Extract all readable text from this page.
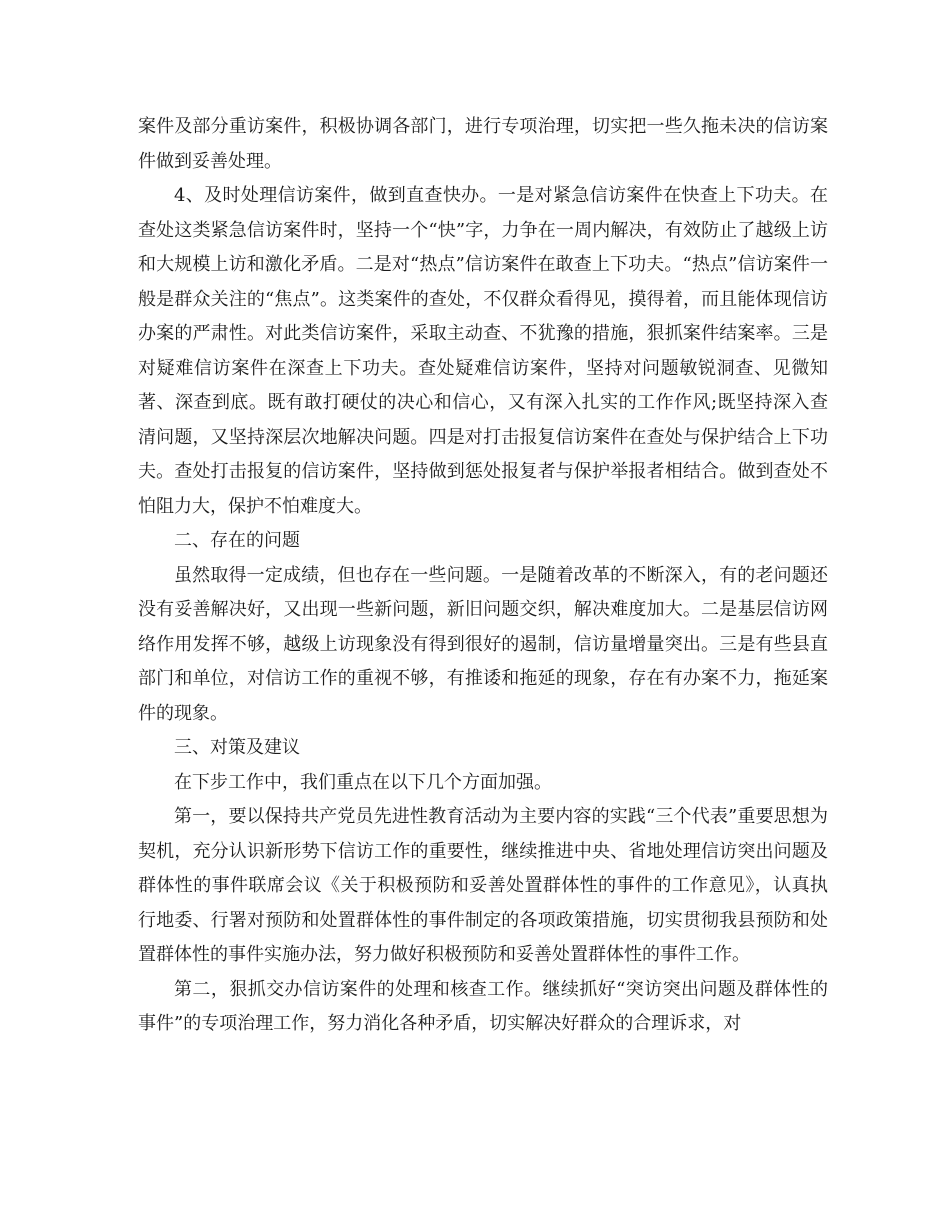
案件及部分重访案件，积极协调各部门，进行专项治理，切实把一些久拖未决的信访案件做到妥善处理。

4、及时处理信访案件，做到直查快办。一是对紧急信访案件在快查上下功夫。在查处这类紧急信访案件时，坚持一个“快”字，力争在一周内解决，有效防止了越级上访和大规模上访和激化矛盾。二是对“热点”信访案件在敢查上下功夫。“热点”信访案件一般是群众关注的“焦点”。这类案件的查处，不仅群众看得见，摸得着，而且能体现信访办案的严肃性。对此类信访案件，采取主动查、不犹豫的措施，狠抓案件结案率。三是对疑难信访案件在深查上下功夫。查处疑难信访案件，坚持对问题敏锐洞查、见微知著、深查到底。既有敢打硬仗的决心和信心，又有深入扎实的工作作风;既坚持深入查清问题，又坚持深层次地解决问题。四是对打击报复信访案件在查处与保护结合上下功夫。查处打击报复的信访案件，坚持做到惩处报复者与保护举报者相结合。做到查处不怕阻力大，保护不怕难度大。

二、存在的问题

虽然取得一定成绩，但也存在一些问题。一是随着改革的不断深入，有的老问题还没有妥善解决好，又出现一些新问题，新旧问题交织，解决难度加大。二是基层信访网络作用发挥不够，越级上访现象没有得到很好的遏制，信访量增量突出。三是有些县直部门和单位，对信访工作的重视不够，有推诿和拖延的现象，存在有办案不力，拖延案件的现象。

三、对策及建议

在下步工作中，我们重点在以下几个方面加强。

第一，要以保持共产党员先进性教育活动为主要内容的实践“三个代表”重要思想为契机，充分认识新形势下信访工作的重要性，继续推进中央、省地处理信访突出问题及群体性的事件联席会议《关于积极预防和妥善处置群体性的事件的工作意见》，认真执行地委、行署对预防和处置群体性的事件制定的各项政策措施，切实贯彻我县预防和处置群体性的事件实施办法，努力做好积极预防和妥善处置群体性的事件工作。

第二，狠抓交办信访案件的处理和核查工作。继续抓好“突访突出问题及群体性的事件”的专项治理工作，努力消化各种矛盾，切实解决好群众的合理诉求，对
